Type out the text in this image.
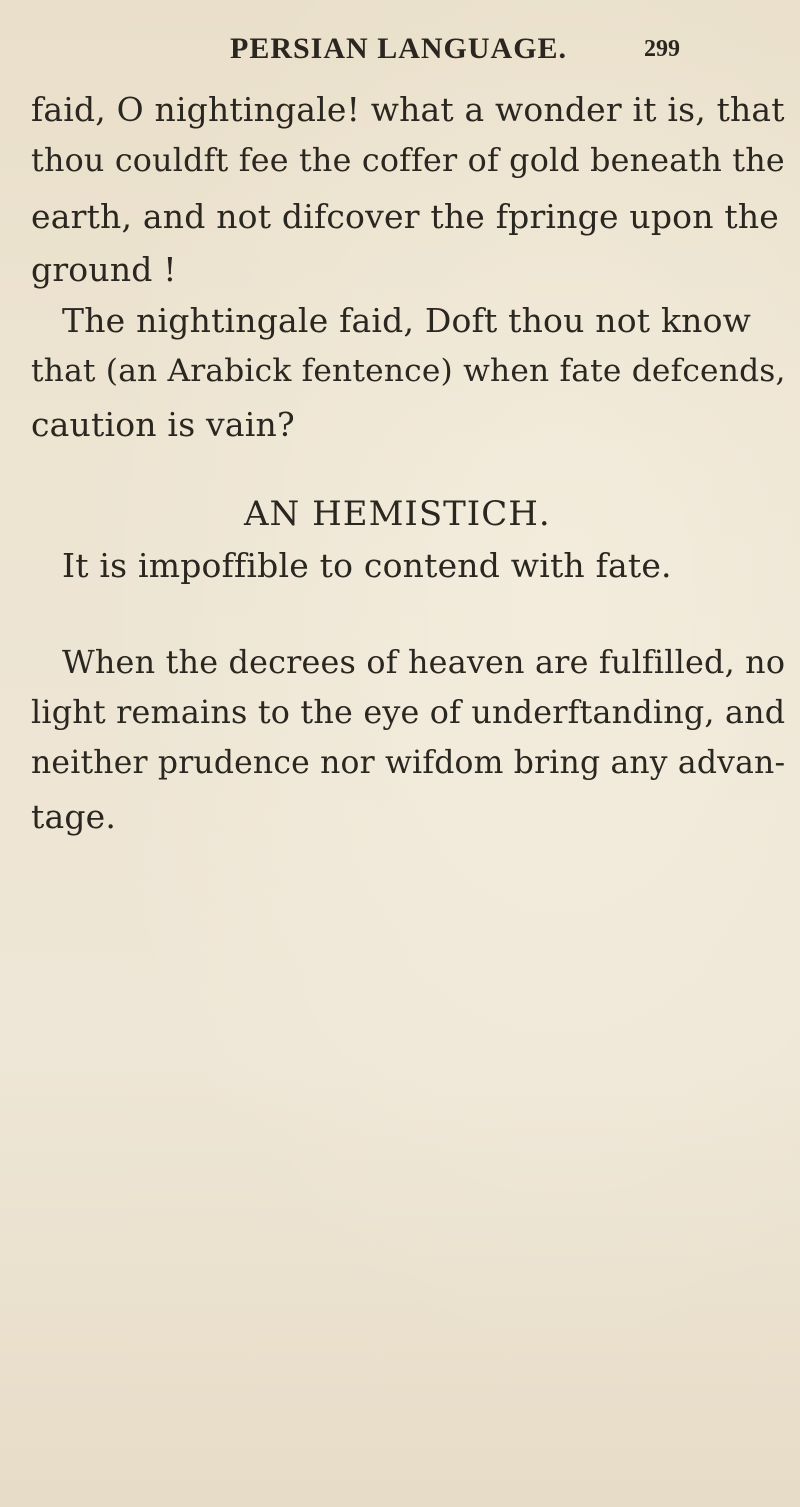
PERSIAN LANGUAGE.	299
faid, O nightingale! what a wonder it is, that
thou couldft fee the coffer of gold beneath the
earth, and not difcover the fpringe upon the
ground !
The nightingale faid, Doft thou not know
that (an Arabick fentence) when fate defcends,
caution is vain?
AN HEMISTICH.
It is impoffible to contend with fate.
When the decrees of heaven are fulfilled, no
light remains to the eye of underftanding, and
neither prudence nor wifdom bring any advan-
tage.
